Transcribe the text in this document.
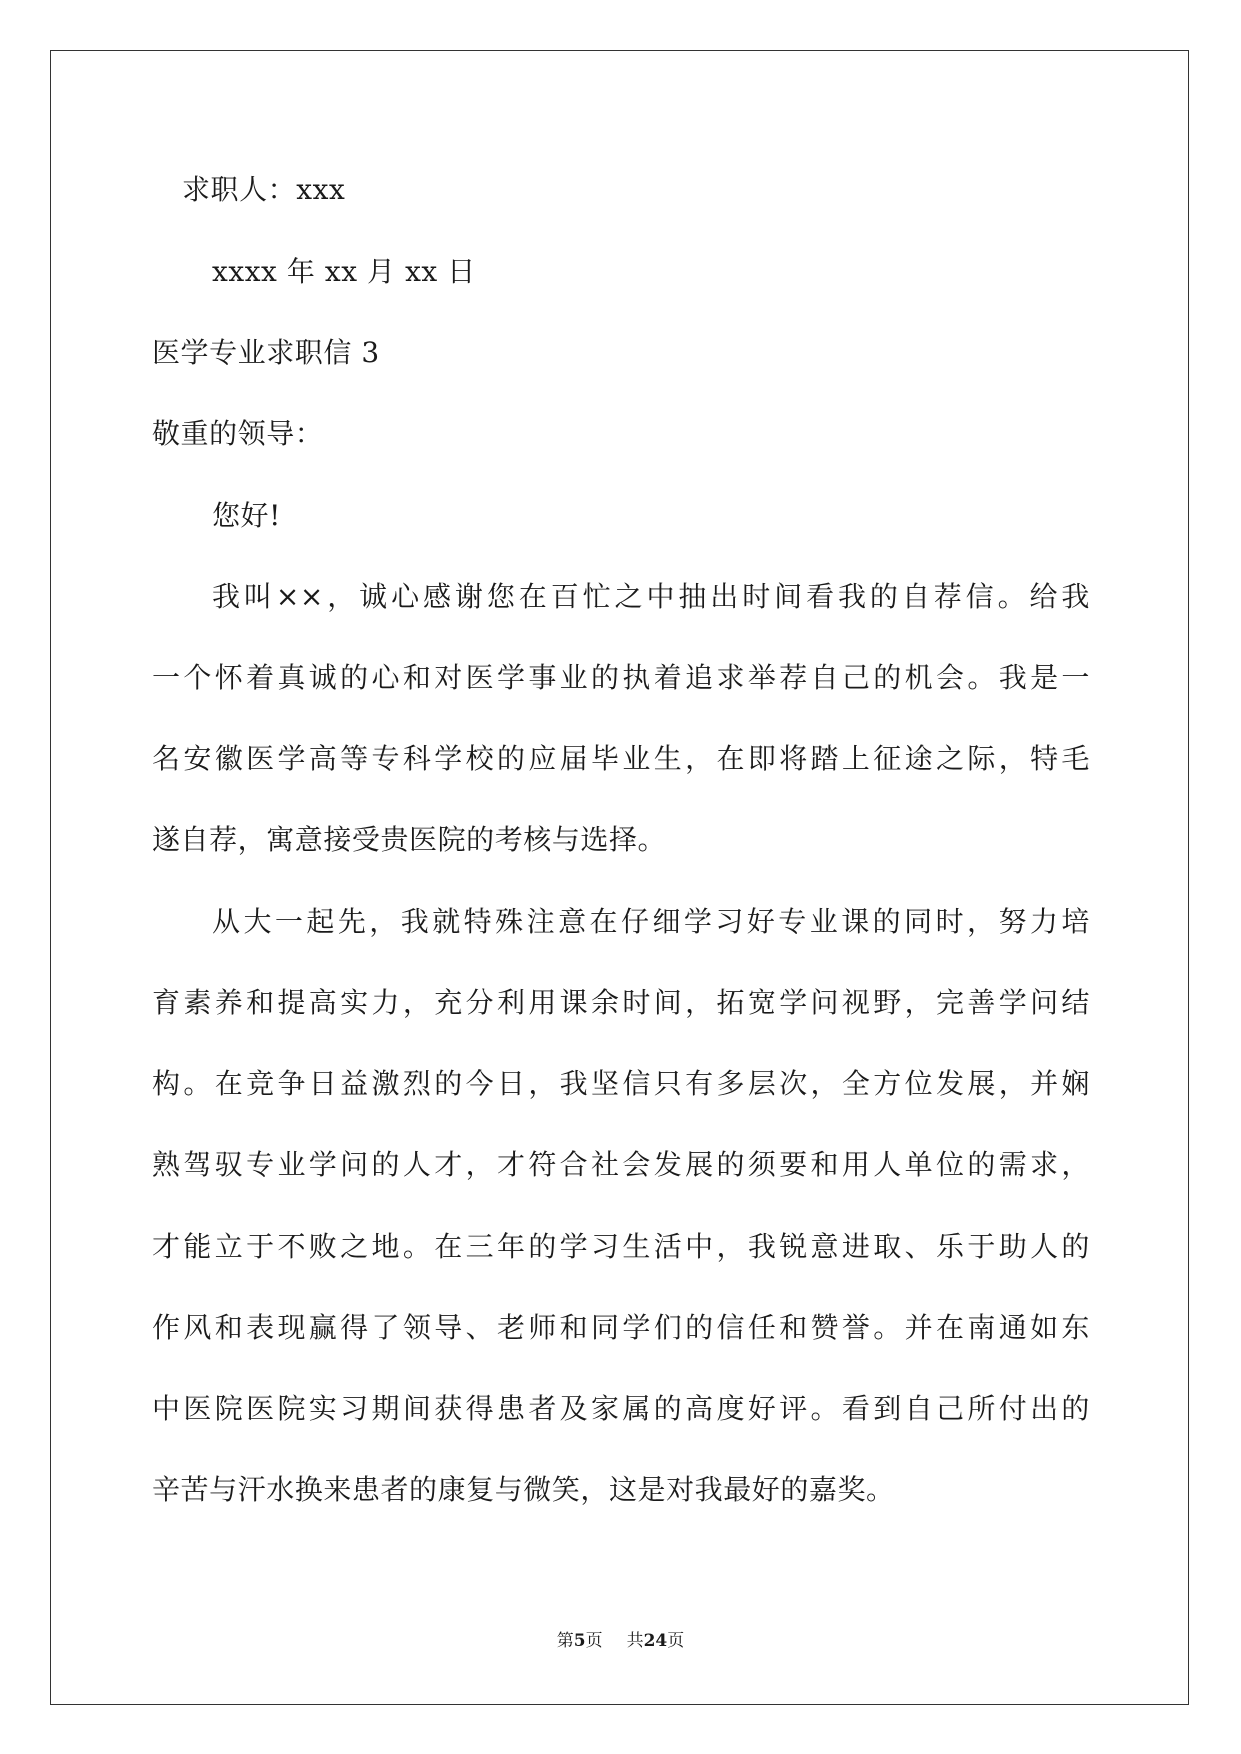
求职人：xxx
xxxx 年 xx 月 xx 日
医学专业求职信 3
敬重的领导：
您好!
我叫××，诚心感谢您在百忙之中抽出时间看我的自荐信。给我
一个怀着真诚的心和对医学事业的执着追求举荐自己的机会。我是一
名安徽医学高等专科学校的应届毕业生，在即将踏上征途之际，特毛
遂自荐，寓意接受贵医院的考核与选择。
从大一起先，我就特殊注意在仔细学习好专业课的同时，努力培
育素养和提高实力，充分利用课余时间，拓宽学问视野，完善学问结
构。在竞争日益激烈的今日，我坚信只有多层次，全方位发展，并娴
熟驾驭专业学问的人才，才符合社会发展的须要和用人单位的需求，
才能立于不败之地。在三年的学习生活中，我锐意进取、乐于助人的
作风和表现赢得了领导、老师和同学们的信任和赞誉。并在南通如东
中医院医院实习期间获得患者及家属的高度好评。看到自己所付出的
辛苦与汗水换来患者的康复与微笑，这是对我最好的嘉奖。
第5页 共24页
